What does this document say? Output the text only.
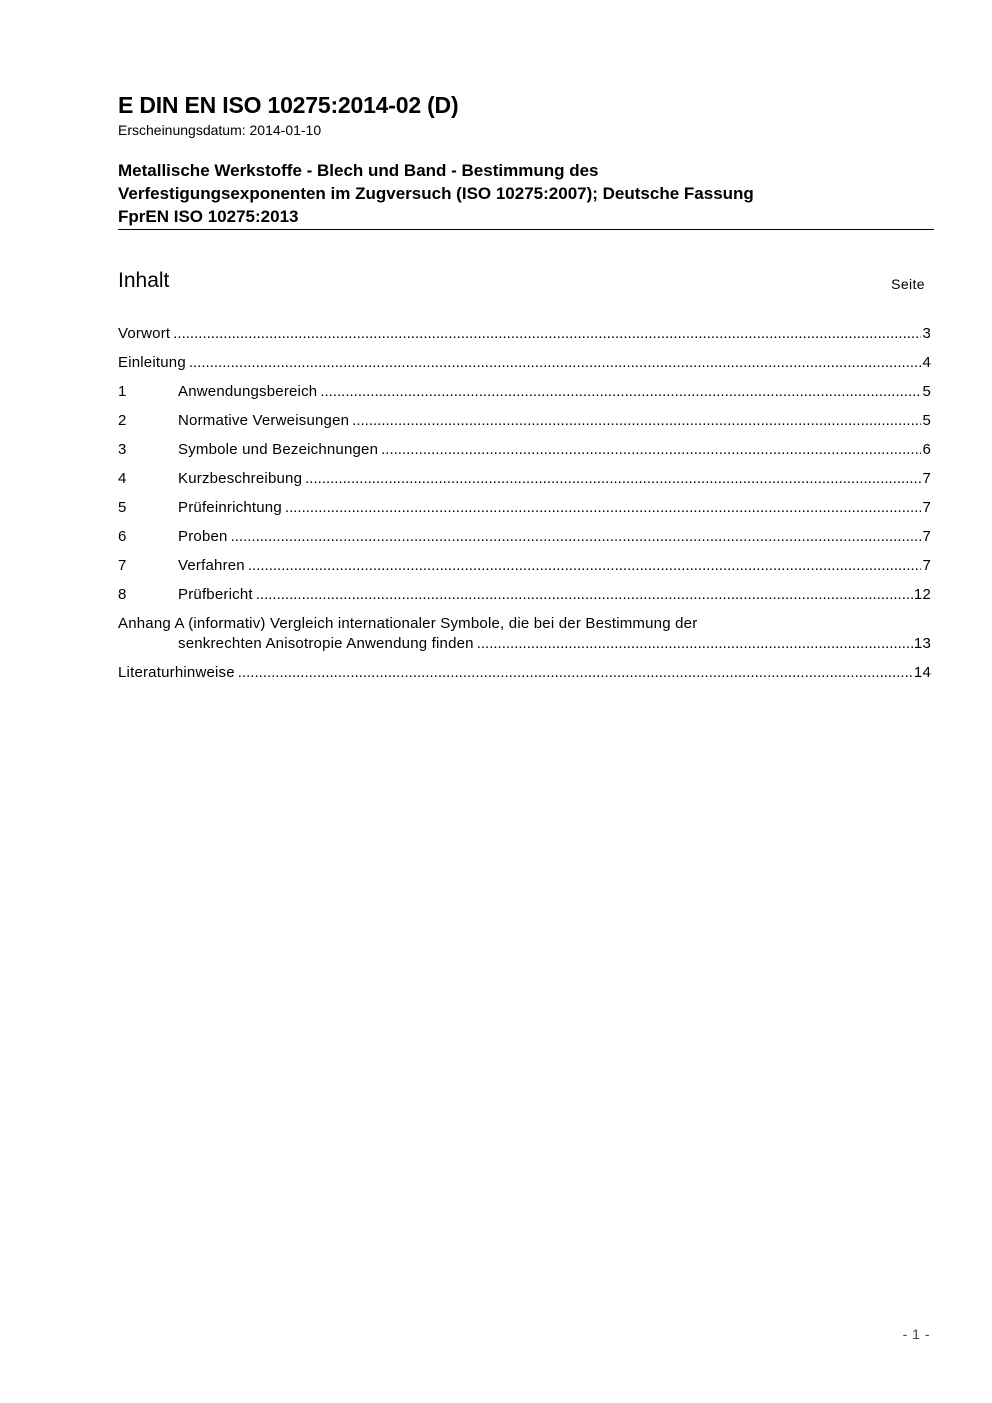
E DIN EN ISO 10275:2014-02 (D)
Erscheinungsdatum: 2014-01-10
Metallische Werkstoffe - Blech und Band - Bestimmung des
Verfestigungsexponenten im Zugversuch (ISO 10275:2007); Deutsche Fassung
FprEN ISO 10275:2013
Inhalt	Seite
Vorwort .....	3
Einleitung .....	4
1	Anwendungsbereich .....	5
2	Normative Verweisungen .....	5
3	Symbole und Bezeichnungen .....	6
4	Kurzbeschreibung .....	7
5	Prüfeinrichtung .....	7
6	Proben .....	7
7	Verfahren .....	7
8	Prüfbericht .....	12
Anhang A (informativ) Vergleich internationaler Symbole, die bei der Bestimmung der
senkrechten Anisotropie Anwendung finden .....	13
Literaturhinweise .....	14
- 1 -
